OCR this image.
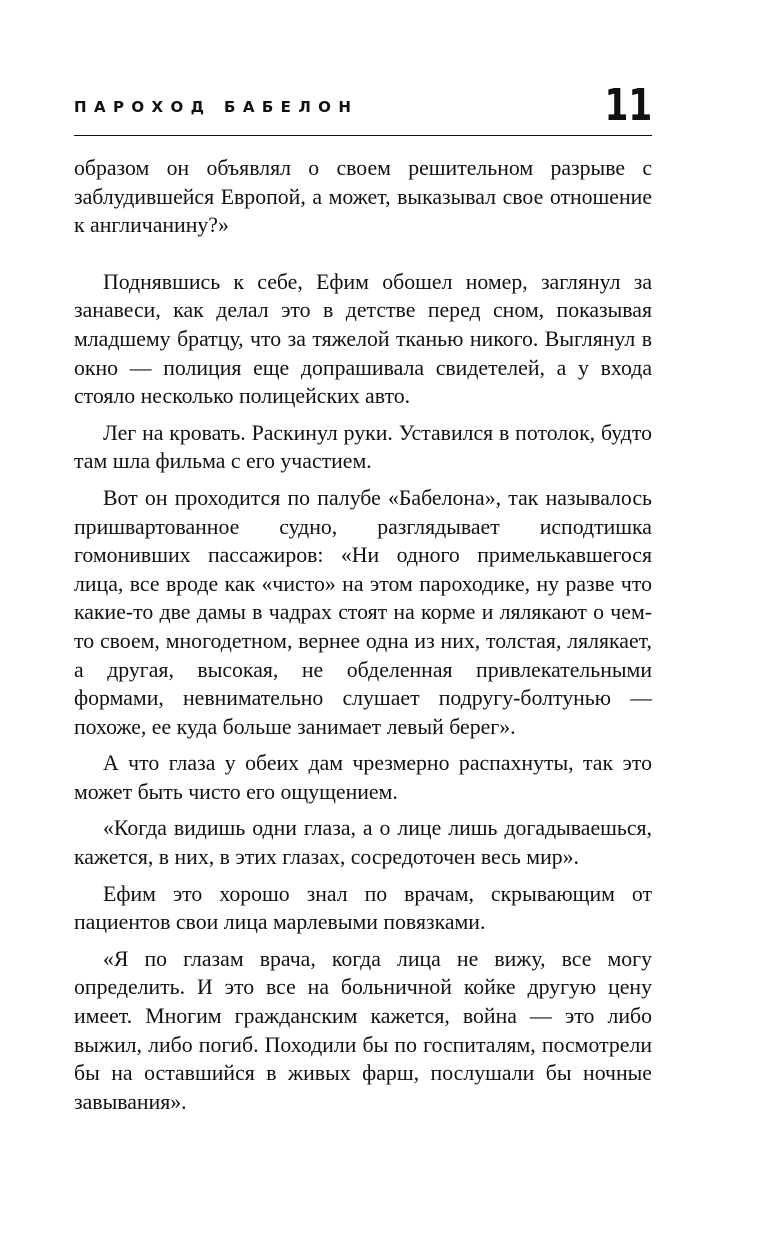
ПАРОХОД БАБЕЛОН	11

образом он объявлял о своем решительном разрыве с заблудившейся Европой, а может, выказывал свое отношение к англичанину?»

Поднявшись к себе, Ефим обошел номер, заглянул за занавеси, как делал это в детстве перед сном, показывая младшему братцу, что за тяжелой тканью никого. Выглянул в окно — полиция еще допрашивала свидетелей, а у входа стояло несколько полицейских авто.

Лег на кровать. Раскинул руки. Уставился в потолок, будто там шла фильма с его участием.

Вот он проходится по палубе «Бабелона», так называлось пришвартованное судно, разглядывает исподтишка гомонивших пассажиров: «Ни одного примелькавшегося лица, все вроде как «чисто» на этом пароходике, ну разве что какие-то две дамы в чадрах стоят на корме и лялякают о чем-то своем, многодетном, вернее одна из них, толстая, лялякает, а другая, высокая, не обделенная привлекательными формами, невнимательно слушает подругу-болтунью — похоже, ее куда больше занимает левый берег».

А что глаза у обеих дам чрезмерно распахнуты, так это может быть чисто его ощущением.

«Когда видишь одни глаза, а о лице лишь догадываешься, кажется, в них, в этих глазах, сосредоточен весь мир».

Ефим это хорошо знал по врачам, скрывающим от пациентов свои лица марлевыми повязками.

«Я по глазам врача, когда лица не вижу, все могу определить. И это все на больничной койке другую цену имеет. Многим гражданским кажется, война — это либо выжил, либо погиб. Походили бы по госпиталям, посмотрели бы на оставшийся в живых фарш, послушали бы ночные завывания».
